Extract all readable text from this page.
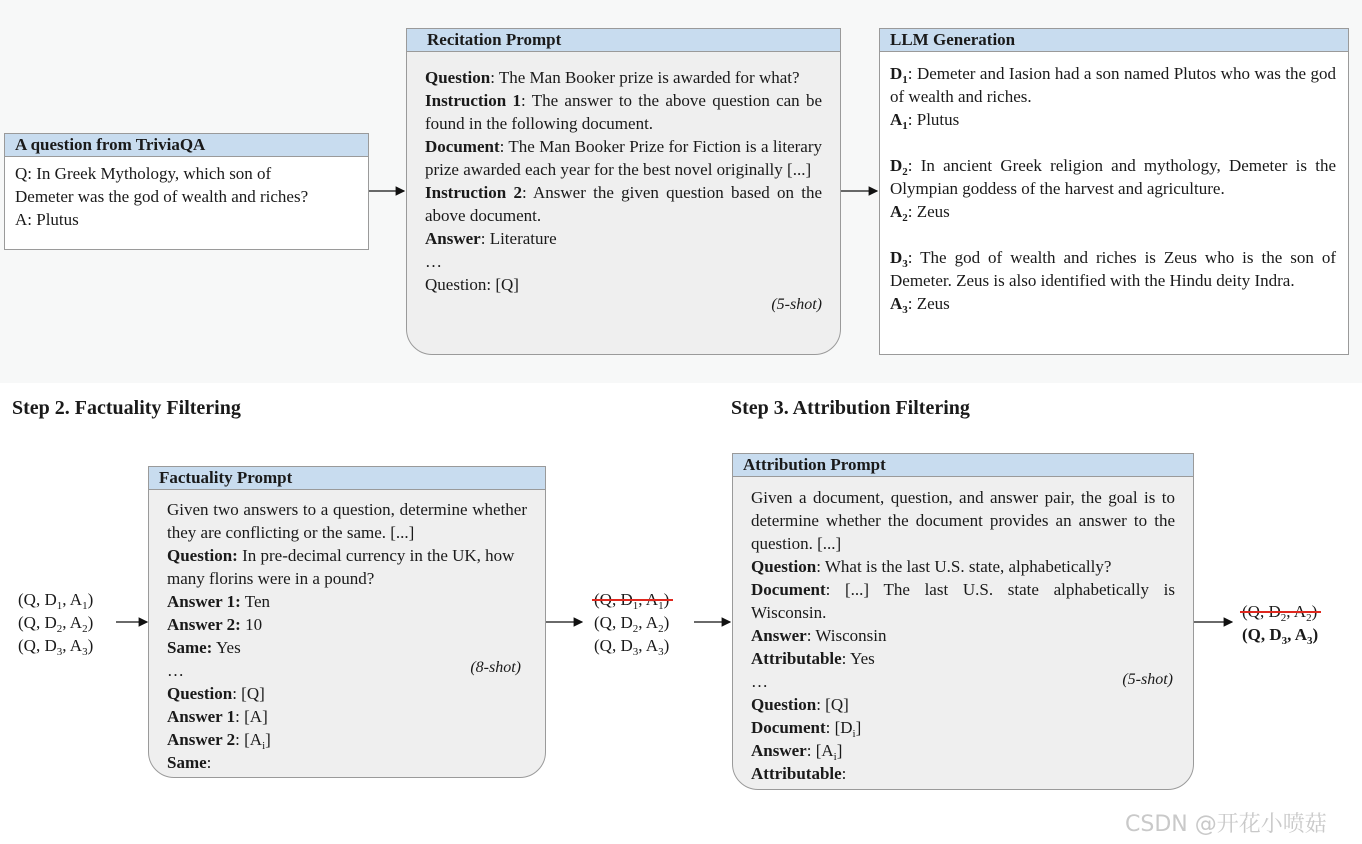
A question from TriviaQA
Q: In Greek Mythology, which son of
Demeter was the god of wealth and riches?
A: Plutus
Recitation Prompt
Question: The Man Booker prize is awarded for what?
Instruction 1: The answer to the above question can be found in the following document.
Document: The Man Booker Prize for Fiction is a literary prize awarded each year for the best novel originally [...]
Instruction 2: Answer the given question based on the above document.
Answer: Literature
…
Question: [Q]
(5-shot)
LLM Generation
$D_1$: Demeter and Iasion had a son named Plutos who was the god of wealth and riches.
$A_1$: Plutus
$D_2$: In ancient Greek religion and mythology, Demeter is the Olympian goddess of the harvest and agriculture.
$A_2$: Zeus
$D_3$: The god of wealth and riches is Zeus who is the son of Demeter. Zeus is also identified with the Hindu deity Indra.
$A_3$: Zeus
Step 2. Factuality Filtering	Step 3. Attribution Filtering
(Q, $D_1$, $A_1$)
(Q, $D_2$, $A_2$)
(Q, $D_3$, $A_3$)
Factuality Prompt
Given two answers to a question, determine whether they are conflicting or the same. [...]
Question: In pre-decimal currency in the UK, how many florins were in a pound?
Answer 1: Ten
Answer 2: 10
Same: Yes
…
Question: [Q]
Answer 1: [A]
Answer 2: $[A_i]$
Same:
(8-shot)
(Q, $D_1$, $A_1$)
(Q, $D_2$, $A_2$)
(Q, $D_3$, $A_3$)
Attribution Prompt
Given a document, question, and answer pair, the goal is to determine whether the document provides an answer to the question. [...]
Question: What is the last U.S. state, alphabetically?
Document: [...] The last U.S. state alphabetically is Wisconsin.
Answer: Wisconsin
Attributable: Yes
…
Question: [Q]
Document: $[D_i]$
Answer: $[A_i]$
Attributable:
(5-shot)
(Q, $D_2$, $A_2$)
(Q, $D_3$, $A_3$)
CSDN @开花小喷菇
